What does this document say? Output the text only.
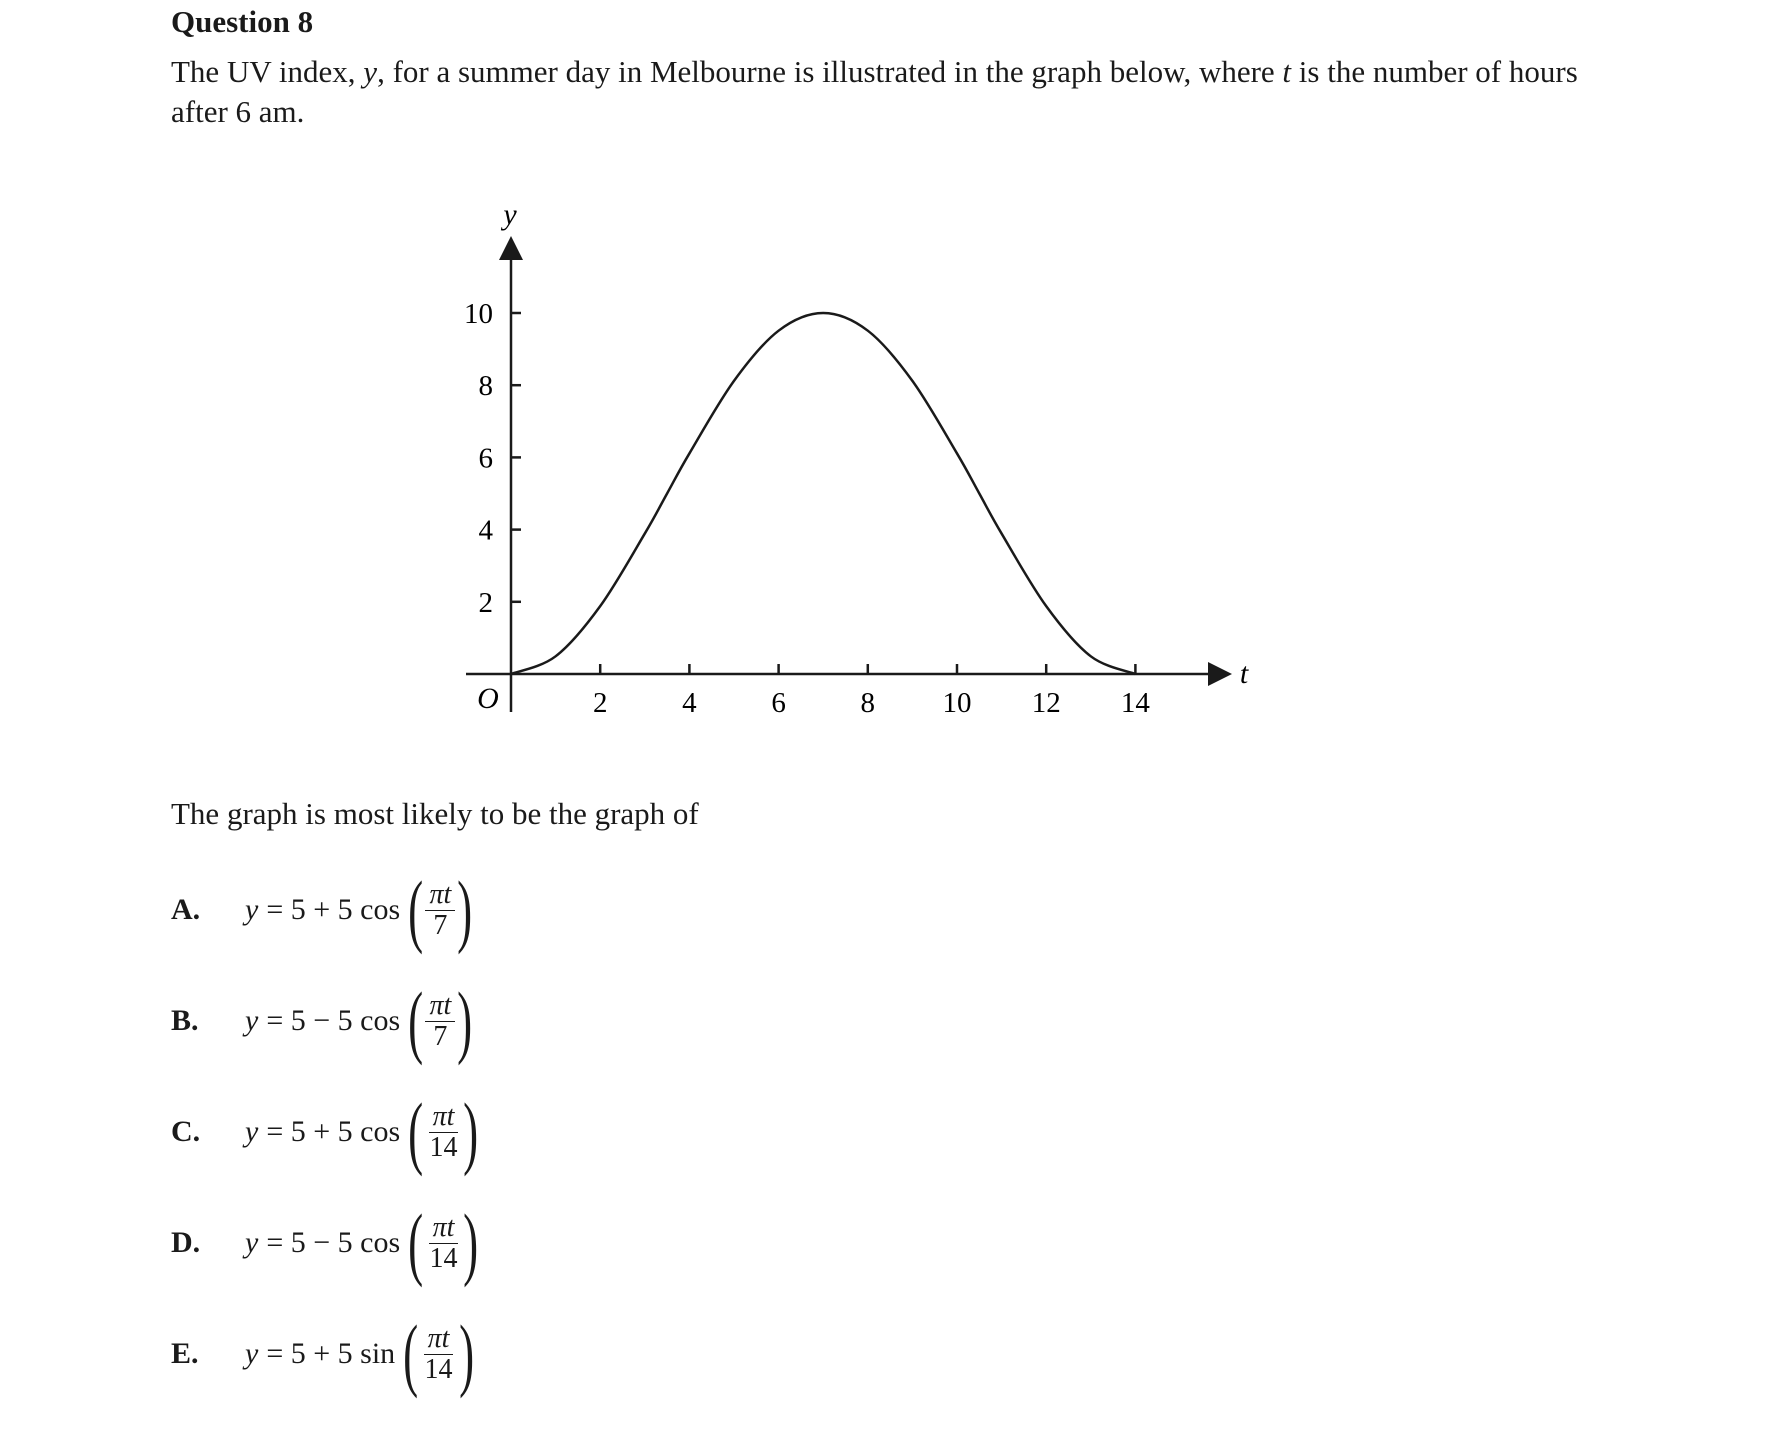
Question 8

The UV index, y, for a summer day in Melbourne is illustrated in the graph below, where t is the number of hours after 6 am.

y
t
O	2	4	6	8 10 12 14
2
4
6
8
10

The graph is most likely to be the graph of

A.	y = 5 + 5 cos ( $\frac{\pi t}{7}$ )
B.	y = 5 − 5 cos ( $\frac{\pi t}{7}$ )
C.	y = 5 + 5 cos ( $\frac{\pi t}{14}$ )
D.	y = 5 − 5 cos ( $\frac{\pi t}{14}$ )
E.	y = 5 + 5 sin ( $\frac{\pi t}{14}$ )
